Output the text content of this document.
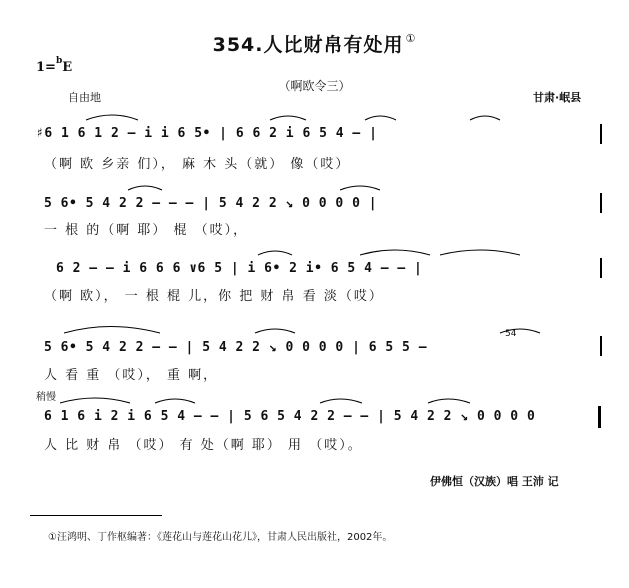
354.人比财帛有处用 ①
1=$^b$E
（啊欧令三）
自由地	甘肃·岷县
♯6 1 6 1 2 — i i 6 5• | 6 6 2 i 6 5 4 — |
（啊 欧 乡亲 们）， 麻 木 头（就） 像（哎）
5 6• 5 4 2 2 — — — | 5 4 2 2 ↘ 0 0 0 0 |
一 根 的（啊 耶） 棍 （哎），
6 2 — — i 6 6 6 ∨6 5 | i 6• 2 i• 6 5 4 — — |
（啊 欧）， 一 根 棍 儿，你 把 财 帛 看 淡（哎）
5 6• 5 4 2 2 — — | 5 4 2 2 ↘ 0 0 0 0 | 6 5 5 —
54
人 看 重 （哎）， 重 啊，
稍慢
6 1 6 i 2 i 6 5 4 — — | 5 6 5 4 2 2 — — | 5 4 2 2 ↘ 0 0 0 0
人 比 财 帛 （哎） 有 处（啊 耶） 用 （哎）。
伊佛恒（汉族）唱 王沛 记
①汪鸿明、丁作枢编著：《莲花山与莲花山花儿》，甘肃人民出版社，2002年。
